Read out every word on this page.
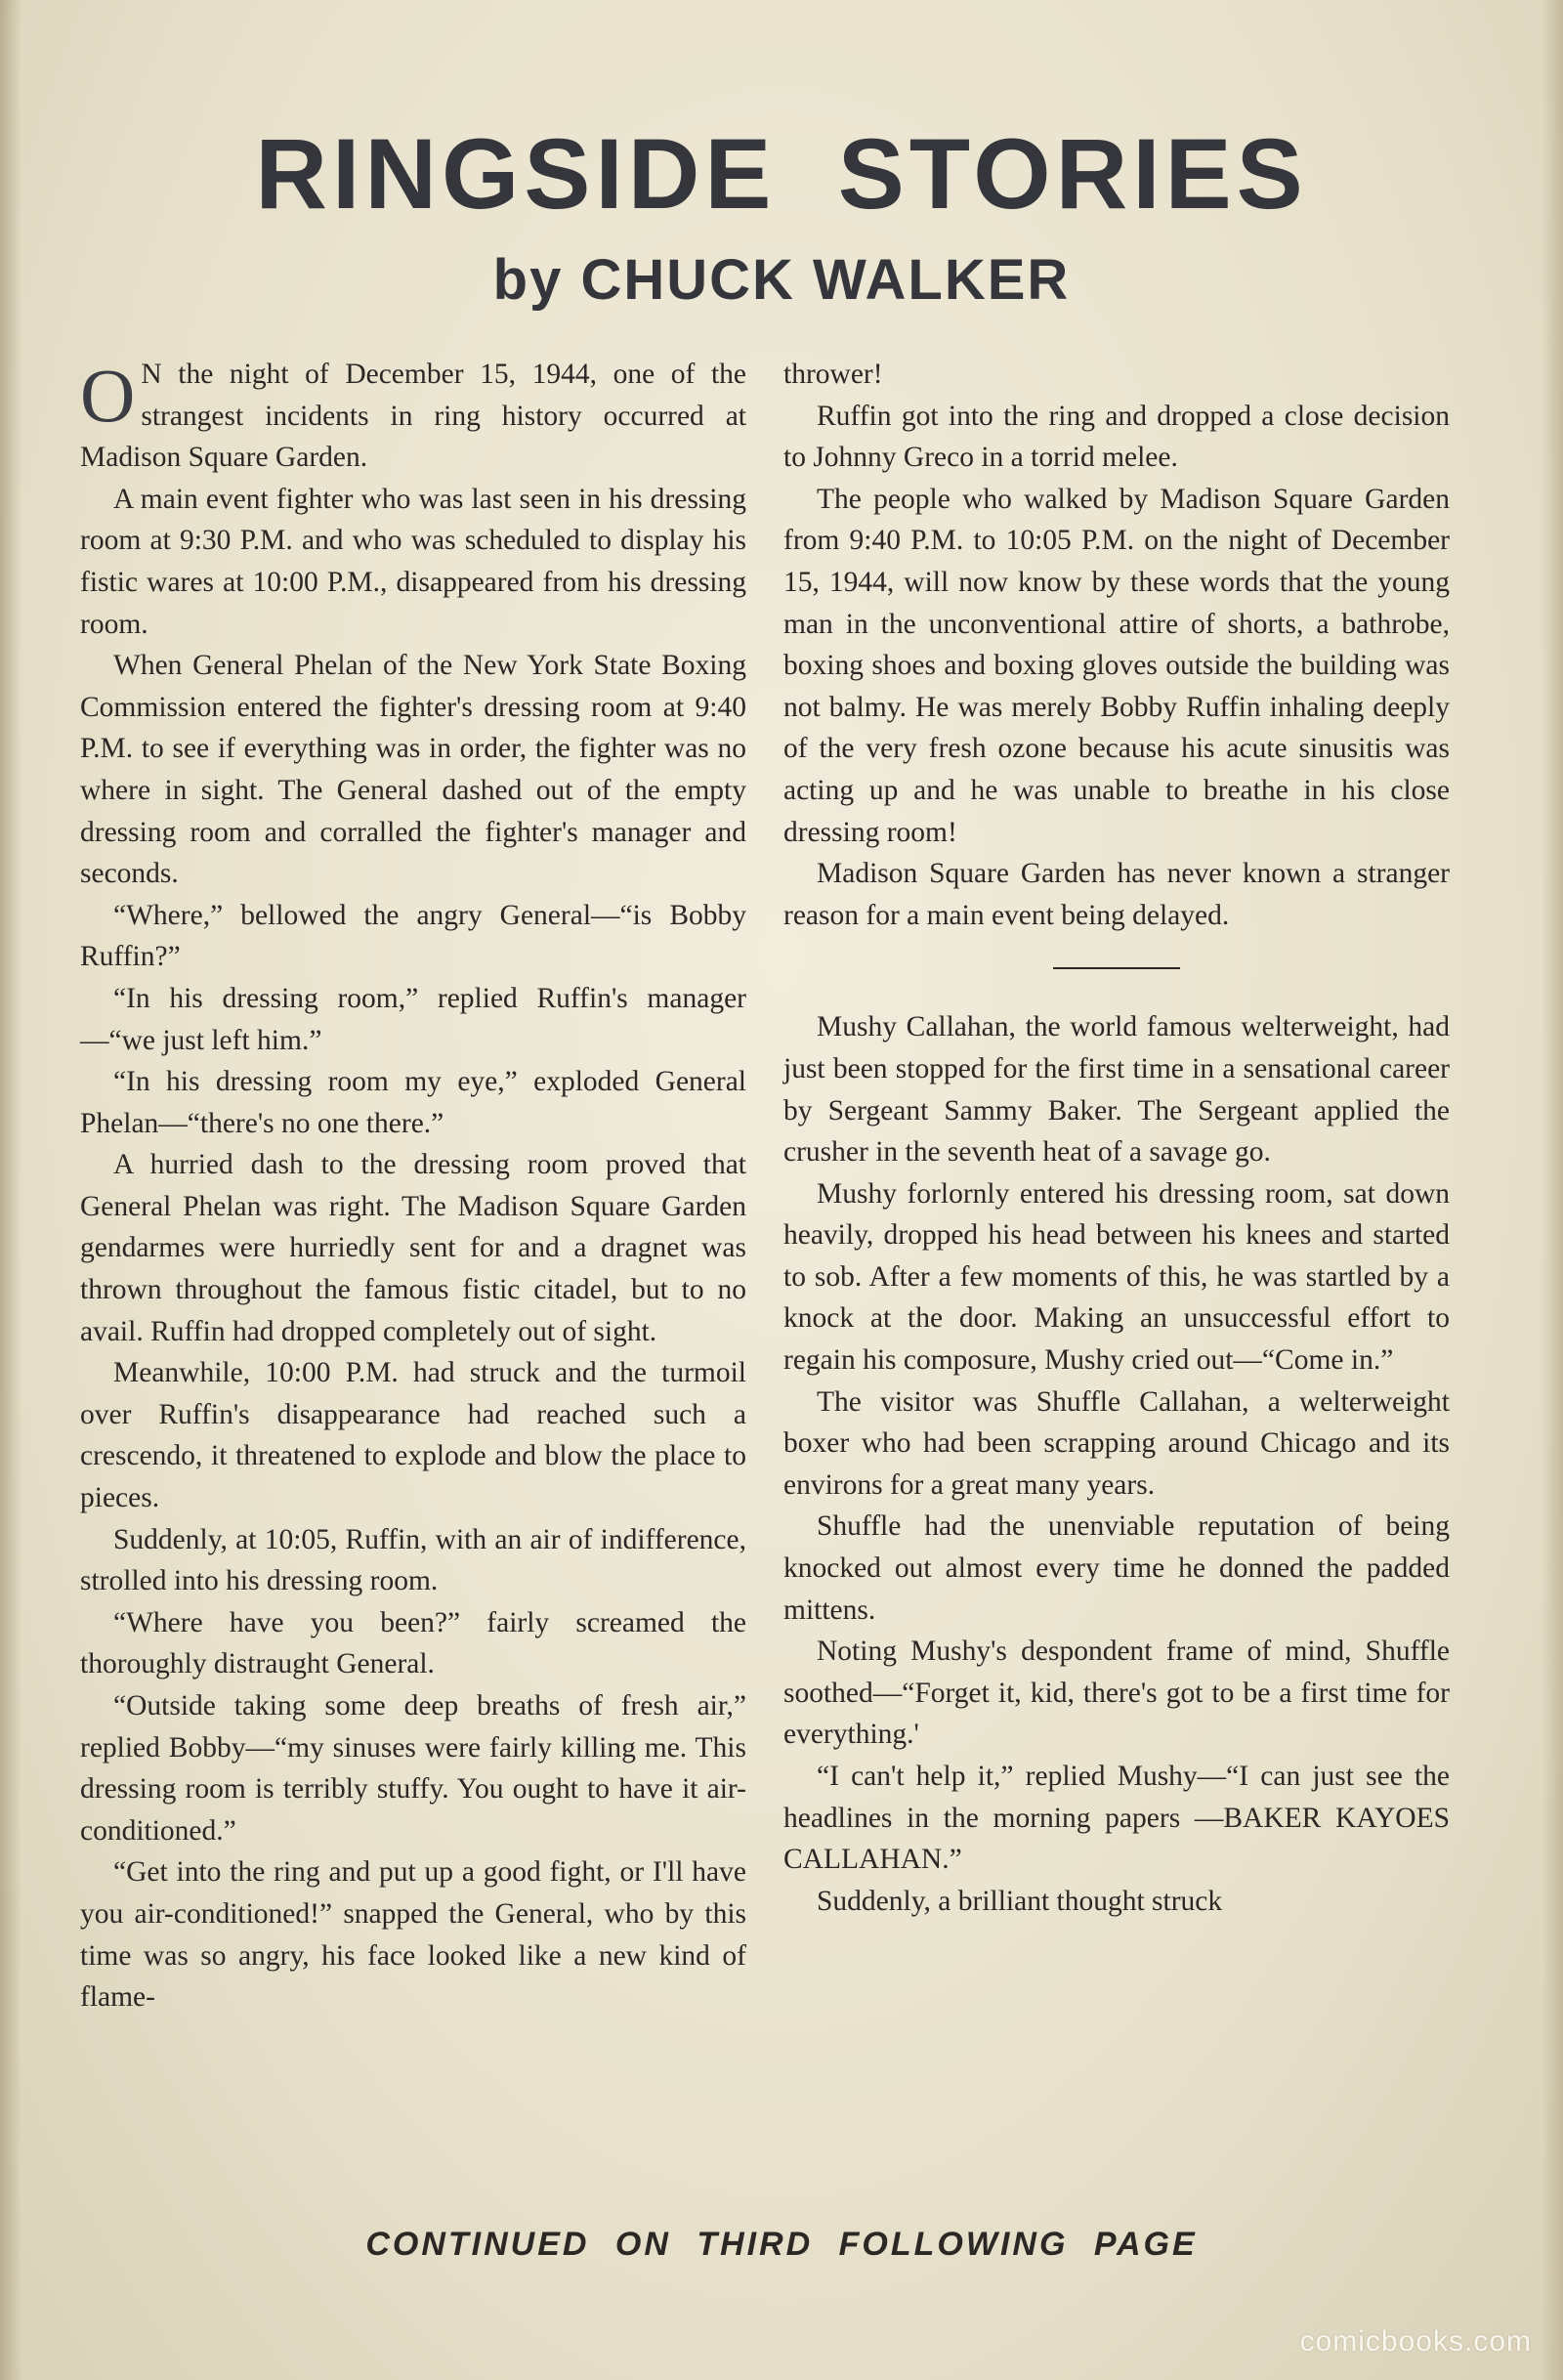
RINGSIDE STORIES
by CHUCK WALKER

O N the night of December 15, 1944, one of the strangest incidents in ring history occurred at Madison Square Garden.

A main event fighter who was last seen in his dressing room at 9:30 P.M. and who was scheduled to display his fistic wares at 10:00 P.M., disappeared from his dressing room.

When General Phelan of the New York State Boxing Commission entered the fighter's dressing room at 9:40 P.M. to see if everything was in order, the fighter was no where in sight. The General dashed out of the empty dressing room and corralled the fighter's manager and seconds.

“Where,” bellowed the angry General—“is Bobby Ruffin?”

“In his dressing room,” replied Ruffin's manager—“we just left him.”

“In his dressing room my eye,” exploded General Phelan—“there's no one there.”

A hurried dash to the dressing room proved that General Phelan was right. The Madison Square Garden gendarmes were hurriedly sent for and a dragnet was thrown throughout the famous fistic citadel, but to no avail. Ruffin had dropped completely out of sight.

Meanwhile, 10:00 P.M. had struck and the turmoil over Ruffin's disappearance had reached such a crescendo, it threatened to explode and blow the place to pieces.

Suddenly, at 10:05, Ruffin, with an air of indifference, strolled into his dressing room.

“Where have you been?” fairly screamed the thoroughly distraught General.

“Outside taking some deep breaths of fresh air,” replied Bobby—“my sinuses were fairly killing me. This dressing room is terribly stuffy. You ought to have it air-conditioned.”

“Get into the ring and put up a good fight, or I'll have you air-conditioned!” snapped the General, who by this time was so angry, his face looked like a new kind of flame-

thrower!

Ruffin got into the ring and dropped a close decision to Johnny Greco in a torrid melee.

The people who walked by Madison Square Garden from 9:40 P.M. to 10:05 P.M. on the night of December 15, 1944, will now know by these words that the young man in the unconventional attire of shorts, a bathrobe, boxing shoes and boxing gloves outside the building was not balmy. He was merely Bobby Ruffin inhaling deeply of the very fresh ozone because his acute sinusitis was acting up and he was unable to breathe in his close dressing room!

Madison Square Garden has never known a stranger reason for a main event being delayed.

Mushy Callahan, the world famous welterweight, had just been stopped for the first time in a sensational career by Sergeant Sammy Baker. The Sergeant applied the crusher in the seventh heat of a savage go.

Mushy forlornly entered his dressing room, sat down heavily, dropped his head between his knees and started to sob. After a few moments of this, he was startled by a knock at the door. Making an unsuccessful effort to regain his composure, Mushy cried out—“Come in.”

The visitor was Shuffle Callahan, a welterweight boxer who had been scrapping around Chicago and its environs for a great many years.

Shuffle had the unenviable reputation of being knocked out almost every time he donned the padded mittens.

Noting Mushy's despondent frame of mind, Shuffle soothed—“Forget it, kid, there's got to be a first time for everything.'

“I can't help it,” replied Mushy—“I can just see the headlines in the morning papers —BAKER KAYOES CALLAHAN.”

Suddenly, a brilliant thought struck

CONTINUED ON THIRD FOLLOWING PAGE
comicbooks.com
